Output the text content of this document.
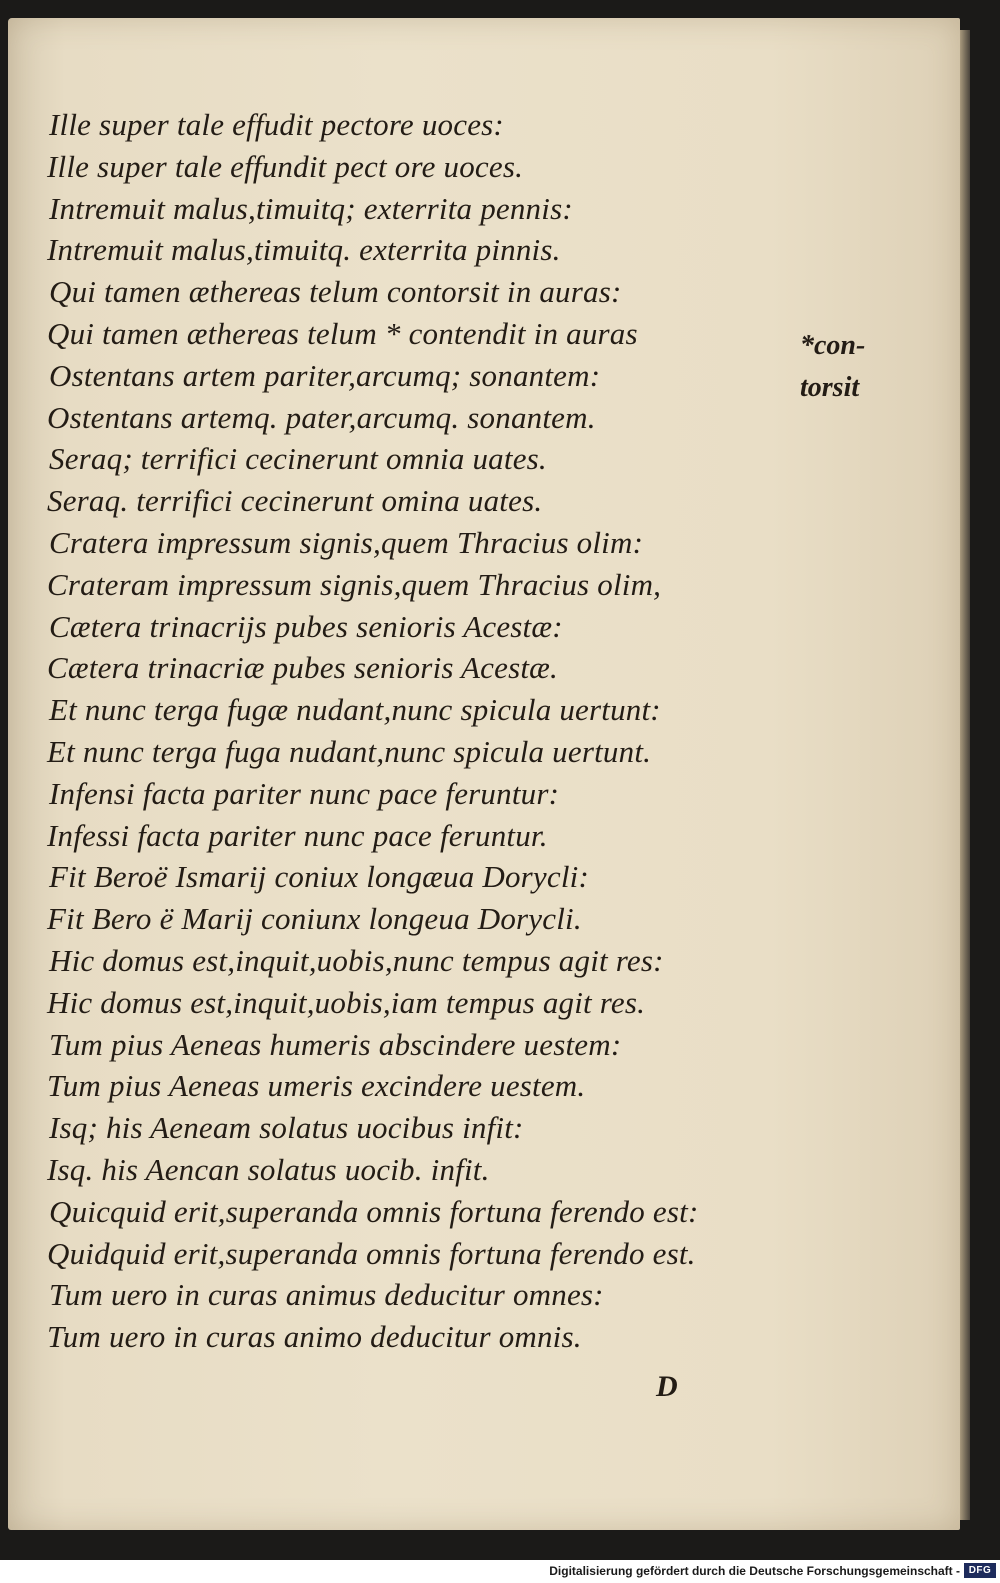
Ille super tale effudit pectore uoces:
Ille super tale effundit pect ore uoces.
Intremuit malus,timuitq; exterrita pennis:
Intremuit malus,timuitq. exterrita pinnis.
Qui tamen æthereas telum contorsit in auras:
Qui tamen æthereas telum * contendit in auras
Ostentans artem pariter,arcumq; sonantem:
Ostentans artemq. pater,arcumq. sonantem.
Seraq; terrifici cecinerunt omnia uates.
Seraq. terrifici cecinerunt omina uates.
Cratera impressum signis,quem Thracius olim:
Crateram impressum signis,quem Thracius olim,
Cætera trinacrijs pubes senioris Acestæ:
Cætera trinacriæ pubes senioris Acestæ.
Et nunc terga fugæ nudant,nunc spicula uertunt:
Et nunc terga fuga nudant,nunc spicula uertunt.
Infensi facta pariter nunc pace feruntur:
Infessi facta pariter nunc pace feruntur.
Fit Beroë Ismarij coniux longæua Dorycli:
Fit Bero ë Marij coniunx longeua Dorycli.
Hic domus est,inquit,uobis,nunc tempus agit res:
Hic domus est,inquit,uobis,iam tempus agit res.
Tum pius Aeneas humeris abscindere uestem:
Tum pius Aeneas umeris excindere uestem.
Isq; his Aeneam solatus uocibus infit:
Isq. his Aencan solatus uocib. infit.
Quicquid erit,superanda omnis fortuna ferendo est:
Quidquid erit,superanda omnis fortuna ferendo est.
Tum uero in curas animus deducitur omnes:
Tum uero in curas animo deducitur omnis.
*con-
torsit
D
Digitalisierung gefördert durch die Deutsche Forschungsgemeinschaft - DFG
